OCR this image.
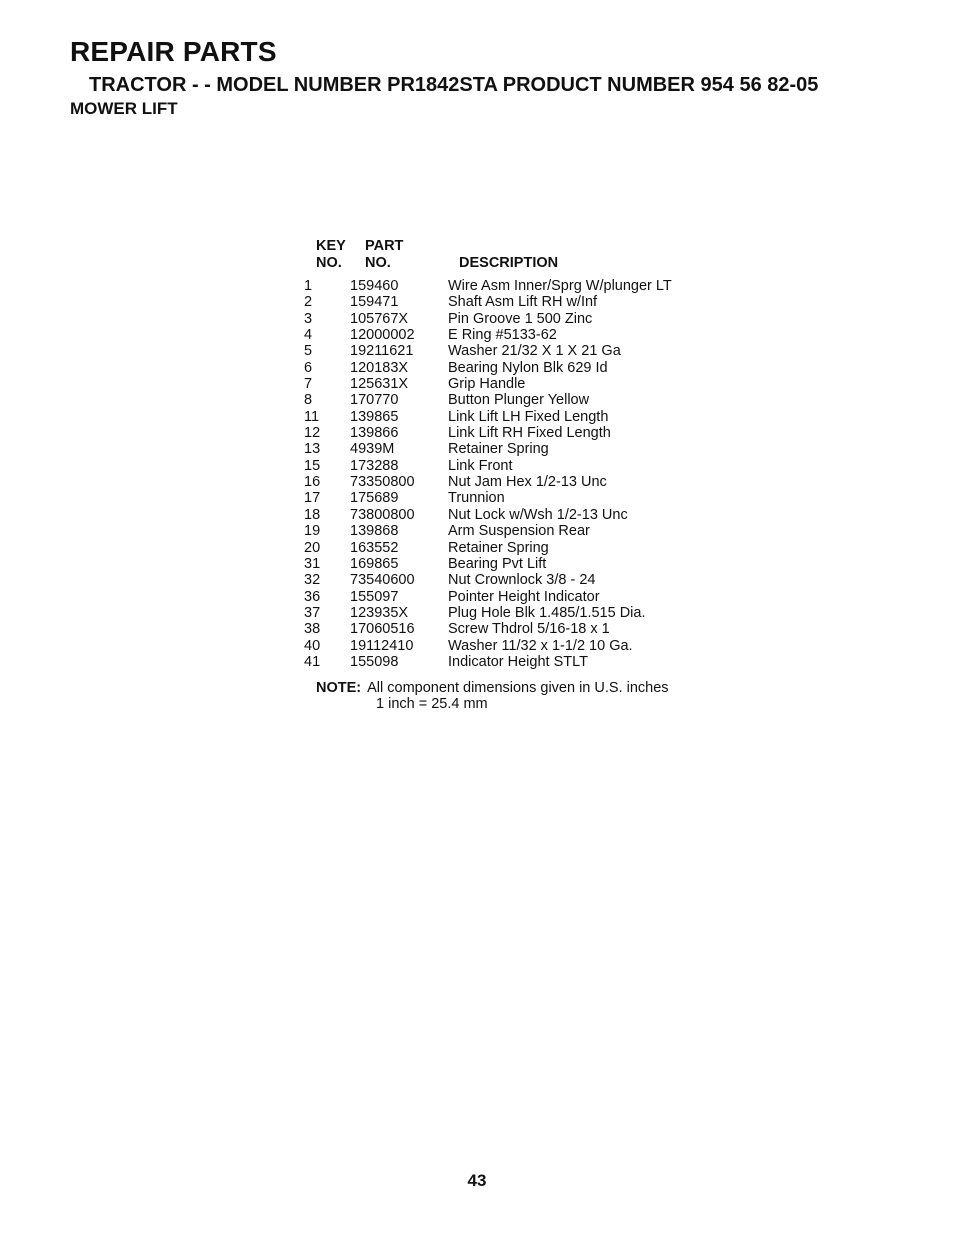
REPAIR PARTS
TRACTOR - - MODEL NUMBER PR1842STA PRODUCT NUMBER 954 56 82-05
MOWER LIFT
KEY
NO.
PART
NO.	DESCRIPTION
1	159460	Wire Asm Inner/Sprg W/plunger LT
2	159471	Shaft Asm Lift RH w/Inf
3	105767X	Pin Groove 1 500 Zinc
4	12000002	E Ring #5133-62
5	19211621	Washer 21/32 X 1 X 21 Ga
6	120183X	Bearing Nylon Blk 629 Id
7	125631X	Grip Handle
8	170770	Button Plunger Yellow
11	139865	Link Lift LH Fixed Length
12	139866	Link Lift RH Fixed Length
13	4939M	Retainer Spring
15	173288	Link Front
16	73350800	Nut Jam Hex 1/2-13 Unc
17	175689	Trunnion
18	73800800	Nut Lock w/Wsh 1/2-13 Unc
19	139868	Arm Suspension Rear
20	163552	Retainer Spring
31	169865	Bearing Pvt Lift
32	73540600	Nut Crownlock 3/8 - 24
36	155097	Pointer Height Indicator
37	123935X	Plug Hole Blk 1.485/1.515 Dia.
38	17060516	Screw Thdrol 5/16-18 x 1
40	19112410	Washer 11/32 x 1-1/2 10 Ga.
41	155098	Indicator Height STLT
NOTE: All component dimensions given in U.S. inches
1 inch = 25.4 mm
43
